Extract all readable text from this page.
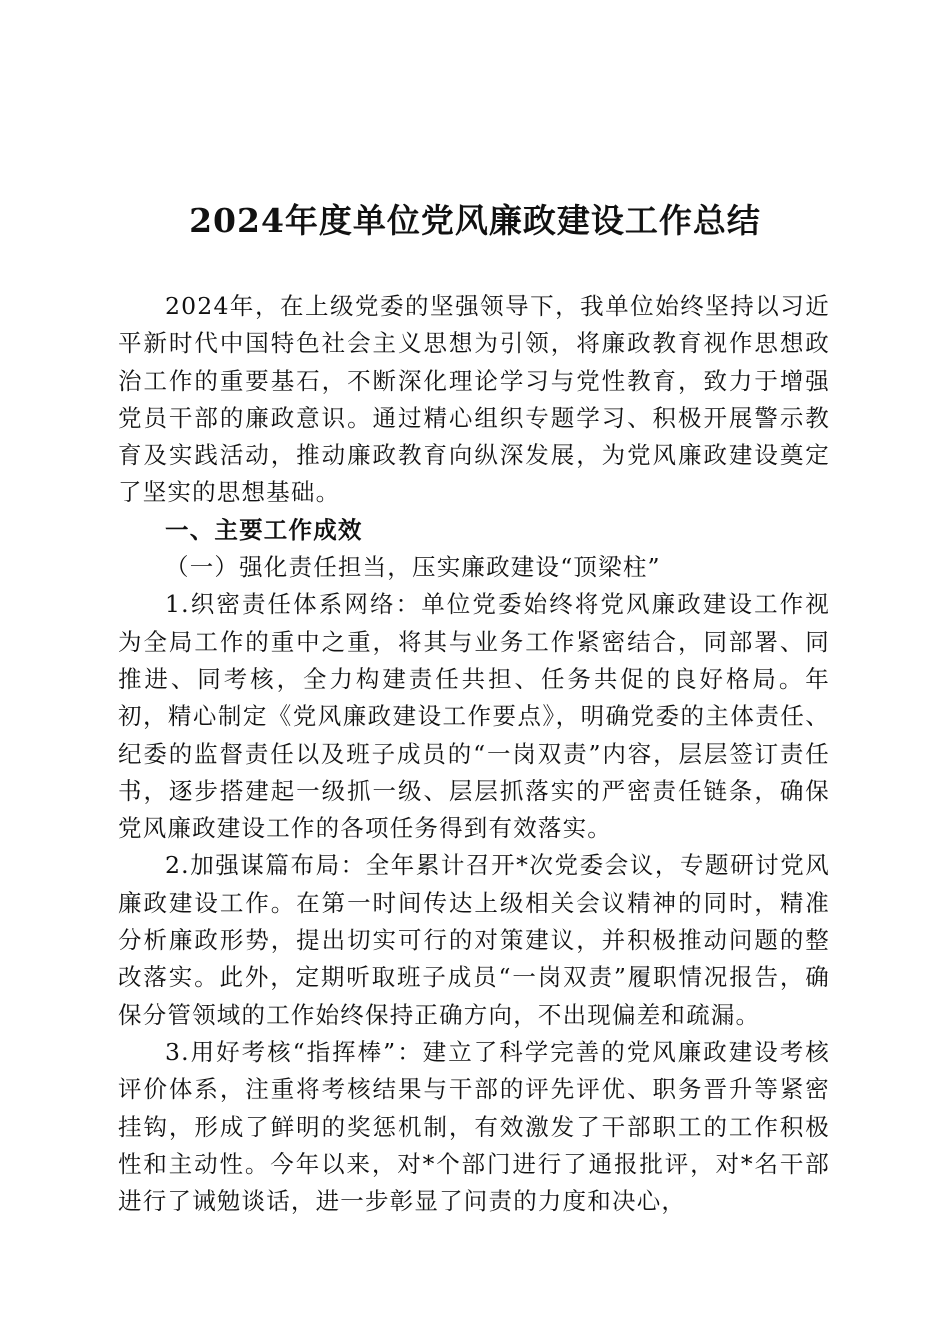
2024年度单位党风廉政建设工作总结

2024年，在上级党委的坚强领导下，我单位始终坚持以习近平新时代中国特色社会主义思想为引领，将廉政教育视作思想政治工作的重要基石，不断深化理论学习与党性教育，致力于增强党员干部的廉政意识。通过精心组织专题学习、积极开展警示教育及实践活动，推动廉政教育向纵深发展，为党风廉政建设奠定了坚实的思想基础。

一、主要工作成效

（一）强化责任担当，压实廉政建设“顶梁柱”

1.织密责任体系网络：单位党委始终将党风廉政建设工作视为全局工作的重中之重，将其与业务工作紧密结合，同部署、同推进、同考核，全力构建责任共担、任务共促的良好格局。年初，精心制定《党风廉政建设工作要点》，明确党委的主体责任、纪委的监督责任以及班子成员的“一岗双责”内容，层层签订责任书，逐步搭建起一级抓一级、层层抓落实的严密责任链条，确保党风廉政建设工作的各项任务得到有效落实。

2.加强谋篇布局：全年累计召开*次党委会议，专题研讨党风廉政建设工作。在第一时间传达上级相关会议精神的同时，精准分析廉政形势，提出切实可行的对策建议，并积极推动问题的整改落实。此外，定期听取班子成员“一岗双责”履职情况报告，确保分管领域的工作始终保持正确方向，不出现偏差和疏漏。

3.用好考核“指挥棒”：建立了科学完善的党风廉政建设考核评价体系，注重将考核结果与干部的评先评优、职务晋升等紧密挂钩，形成了鲜明的奖惩机制，有效激发了干部职工的工作积极性和主动性。今年以来，对*个部门进行了通报批评，对*名干部进行了诫勉谈话，进一步彰显了问责的力度和决心，
